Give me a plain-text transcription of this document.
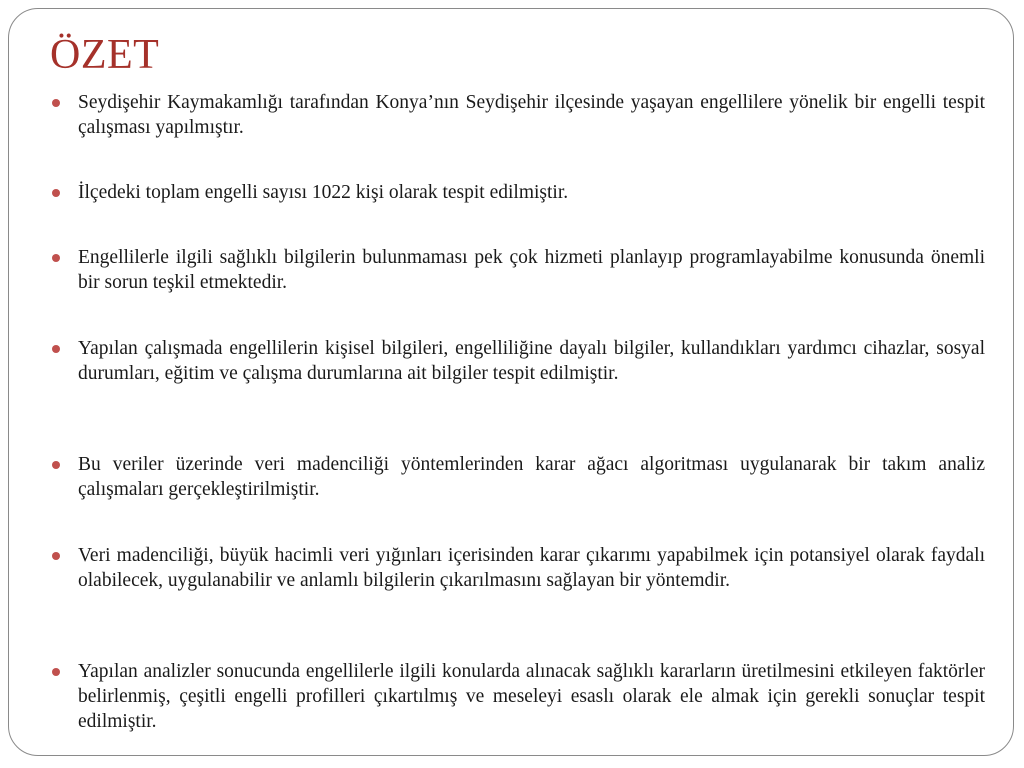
ÖZET
Seydişehir Kaymakamlığı tarafından Konya’nın Seydişehir ilçesinde yaşayan engellilere yönelik bir engelli tespit çalışması yapılmıştır.
İlçedeki toplam engelli sayısı 1022 kişi olarak tespit edilmiştir.
Engellilerle ilgili sağlıklı bilgilerin bulunmaması pek çok hizmeti planlayıp programlayabilme konusunda önemli bir sorun teşkil etmektedir.
Yapılan çalışmada engellilerin kişisel bilgileri, engelliliğine dayalı bilgiler, kullandıkları yardımcı cihazlar, sosyal durumları, eğitim ve çalışma durumlarına ait bilgiler tespit edilmiştir.
Bu veriler üzerinde veri madenciliği yöntemlerinden karar ağacı algoritması uygulanarak bir takım analiz çalışmaları gerçekleştirilmiştir.
Veri madenciliği, büyük hacimli veri yığınları içerisinden karar çıkarımı yapabilmek için potansiyel olarak faydalı olabilecek, uygulanabilir ve anlamlı bilgilerin çıkarılmasını sağlayan bir yöntemdir.
Yapılan analizler sonucunda engellilerle ilgili konularda alınacak sağlıklı kararların üretilmesini etkileyen faktörler belirlenmiş, çeşitli engelli profilleri çıkartılmış ve meseleyi esaslı olarak ele almak için gerekli sonuçlar tespit edilmiştir.
